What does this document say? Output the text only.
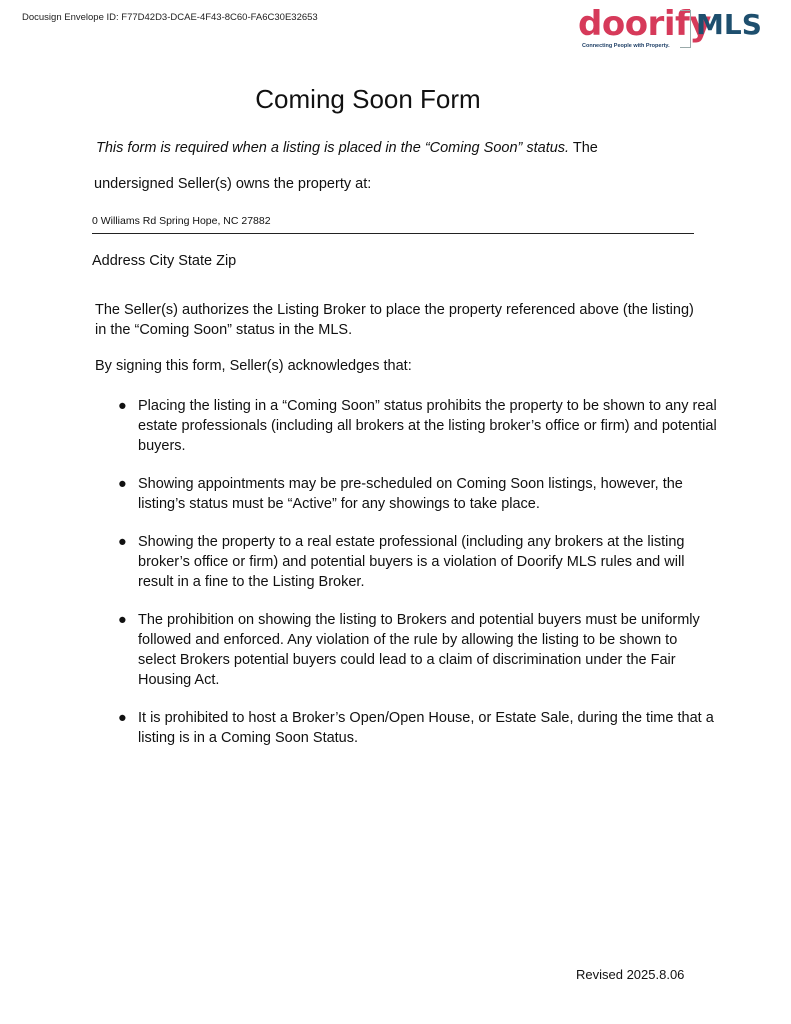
Docusign Envelope ID: F77D42D3-DCAE-4F43-8C60-FA6C30E32653	doorify
MLS
Connecting People with Property.
Coming Soon Form
This form is required when a listing is placed in the “Coming Soon” status. The
undersigned Seller(s) owns the property at:
0 Williams Rd Spring Hope, NC 27882
Address City State Zip
The Seller(s) authorizes the Listing Broker to place the property referenced above (the listing) in the “Coming Soon” status in the MLS.
By signing this form, Seller(s) acknowledges that:
● Placing the listing in a “Coming Soon” status prohibits the property to be shown to any real estate professionals (including all brokers at the listing broker’s office or firm) and potential buyers.
● Showing appointments may be pre-scheduled on Coming Soon listings, however, the listing’s status must be “Active” for any showings to take place.
● Showing the property to a real estate professional (including any brokers at the listing broker’s office or firm) and potential buyers is a violation of Doorify MLS rules and will result in a fine to the Listing Broker.
● The prohibition on showing the listing to Brokers and potential buyers must be uniformly followed and enforced. Any violation of the rule by allowing the listing to be shown to select Brokers potential buyers could lead to a claim of discrimination under the Fair Housing Act.
● It is prohibited to host a Broker’s Open/Open House, or Estate Sale, during the time that a listing is in a Coming Soon Status.
Revised 2025.8.06
